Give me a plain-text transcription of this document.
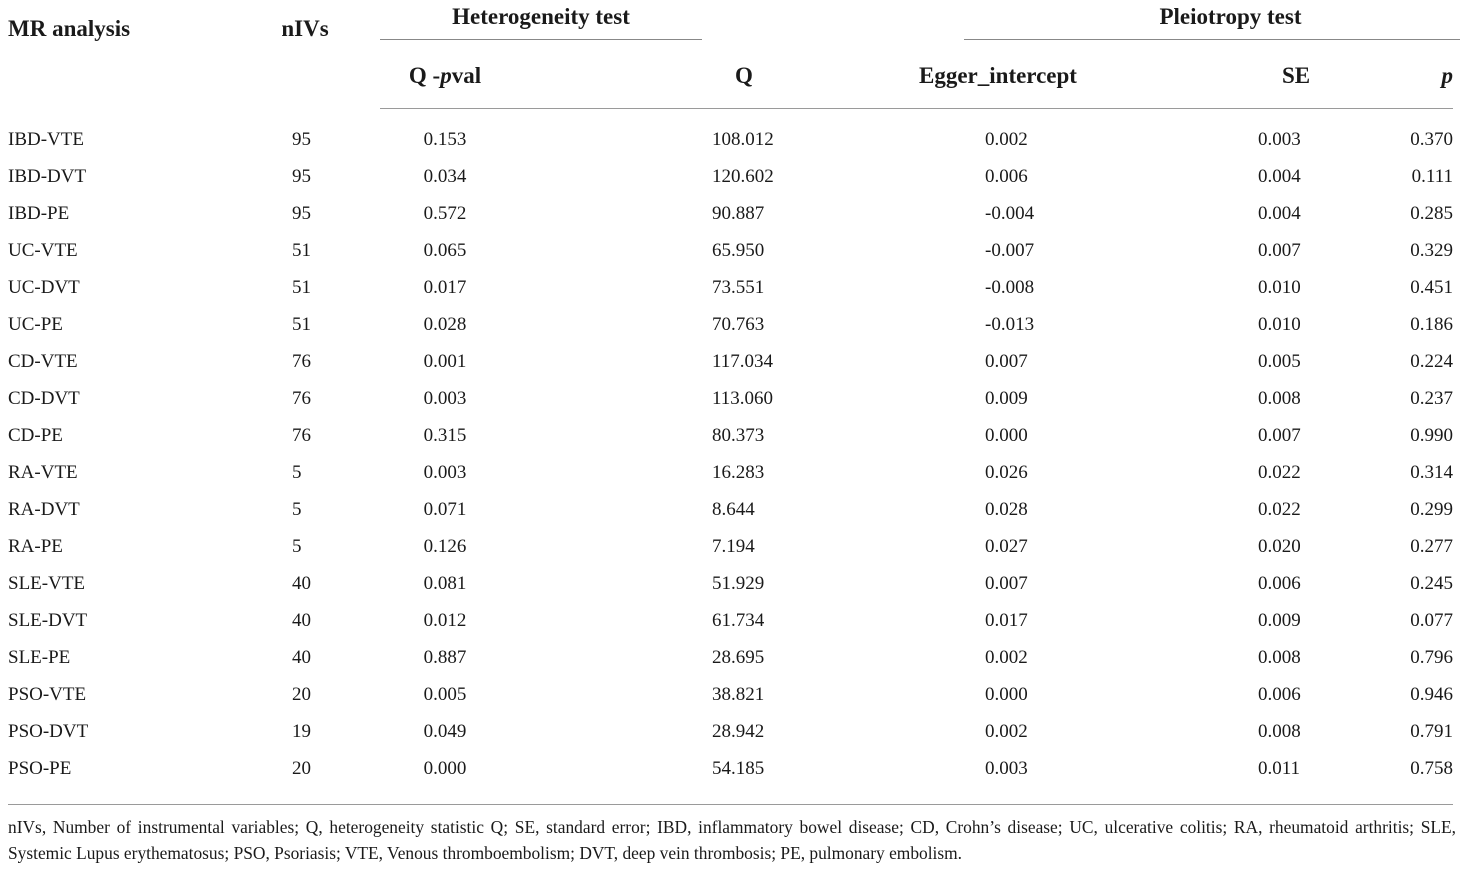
MR analysis	nIVs	Heterogeneity test		Pleiotropy test		

		Q -pval	Q	Egger_intercept	SE	p

IBD-VTE	95	0.153	108.012	0.002	0.003	0.370
IBD-DVT	95	0.034	120.602	0.006	0.004	0.111
IBD-PE	95	0.572	90.887	-0.004	0.004	0.285
UC-VTE	51	0.065	65.950	-0.007	0.007	0.329
UC-DVT	51	0.017	73.551	-0.008	0.010	0.451
UC-PE	51	0.028	70.763	-0.013	0.010	0.186
CD-VTE	76	0.001	117.034	0.007	0.005	0.224
CD-DVT	76	0.003	113.060	0.009	0.008	0.237
CD-PE	76	0.315	80.373	0.000	0.007	0.990
RA-VTE	5	0.003	16.283	0.026	0.022	0.314
RA-DVT	5	0.071	8.644	0.028	0.022	0.299
RA-PE	5	0.126	7.194	0.027	0.020	0.277
SLE-VTE	40	0.081	51.929	0.007	0.006	0.245
SLE-DVT	40	0.012	61.734	0.017	0.009	0.077
SLE-PE	40	0.887	28.695	0.002	0.008	0.796
PSO-VTE	20	0.005	38.821	0.000	0.006	0.946
PSO-DVT	19	0.049	28.942	0.002	0.008	0.791
PSO-PE	20	0.000	54.185	0.003	0.011	0.758
nIVs, Number of instrumental variables; Q, heterogeneity statistic Q; SE, standard error; IBD, inflammatory bowel disease; CD, Crohn’s disease; UC, ulcerative colitis; RA, rheumatoid arthritis; SLE, Systemic Lupus erythematosus; PSO, Psoriasis; VTE, Venous thromboembolism; DVT, deep vein thrombosis; PE, pulmonary embolism.
